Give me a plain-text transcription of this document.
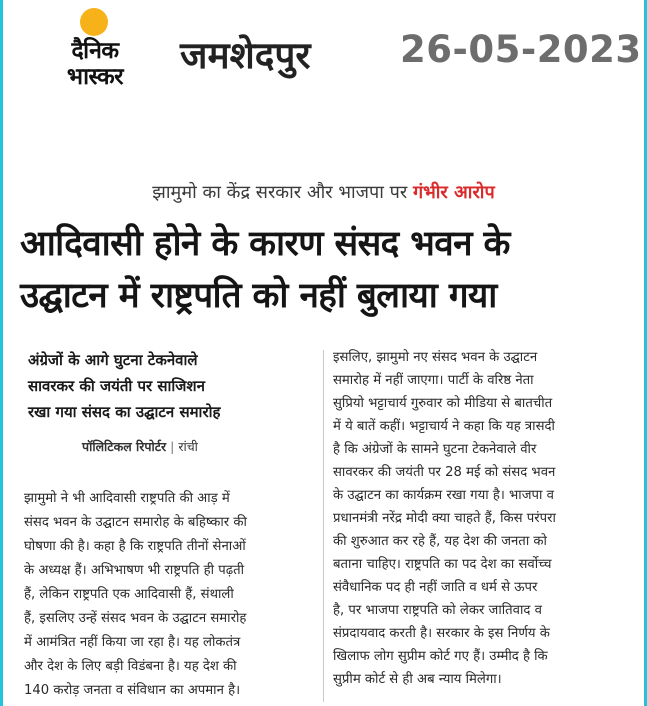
दैनिक
भास्कर	जमशेदपुर 26-05-2023
झामुमो का केंद्र सरकार और भाजपा पर गंभीर आरोप
आदिवासी होने के कारण संसद भवन के
उद्घाटन में राष्ट्रपति को नहीं बुलाया गया
अंग्रेजों के आगे घुटना टेकनेवाले
सावरकर की जयंती पर साजिशन
रखा गया संसद का उद्घाटन समारोह
पॉलिटिकल रिपोर्टर | रांची
झामुमो ने भी आदिवासी राष्ट्रपति की आड़ में
संसद भवन के उद्घाटन समारोह के बहिष्कार की
घोषणा की है। कहा है कि राष्ट्रपति तीनों सेनाओं
के अध्यक्ष हैं। अभिभाषण भी राष्ट्रपति ही पढ़ती
हैं, लेकिन राष्ट्रपति एक आदिवासी हैं, संथाली
हैं, इसलिए उन्हें संसद भवन के उद्घाटन समारोह
में आमंत्रित नहीं किया जा रहा है। यह लोकतंत्र
और देश के लिए बड़ी विडंबना है। यह देश की
140 करोड़ जनता व संविधान का अपमान है।
इसलिए, झामुमो नए संसद भवन के उद्घाटन
समारोह में नहीं जाएगा। पार्टी के वरिष्ठ नेता
सुप्रियो भट्टाचार्य गुरुवार को मीडिया से बातचीत
में ये बातें कहीं। भट्टाचार्य ने कहा कि यह त्रासदी
है कि अंग्रेजों के सामने घुटना टेकनेवाले वीर
सावरकर की जयंती पर 28 मई को संसद भवन
के उद्घाटन का कार्यक्रम रखा गया है। भाजपा व
प्रधानमंत्री नरेंद्र मोदी क्या चाहते हैं, किस परंपरा
की शुरुआत कर रहे हैं, यह देश की जनता को
बताना चाहिए। राष्ट्रपति का पद देश का सर्वोच्च
संवैधानिक पद ही नहीं जाति व धर्म से ऊपर
है, पर भाजपा राष्ट्रपति को लेकर जातिवाद व
संप्रदायवाद करती है। सरकार के इस निर्णय के
खिलाफ लोग सुप्रीम कोर्ट गए हैं। उम्मीद है कि
सुप्रीम कोर्ट से ही अब न्याय मिलेगा।
